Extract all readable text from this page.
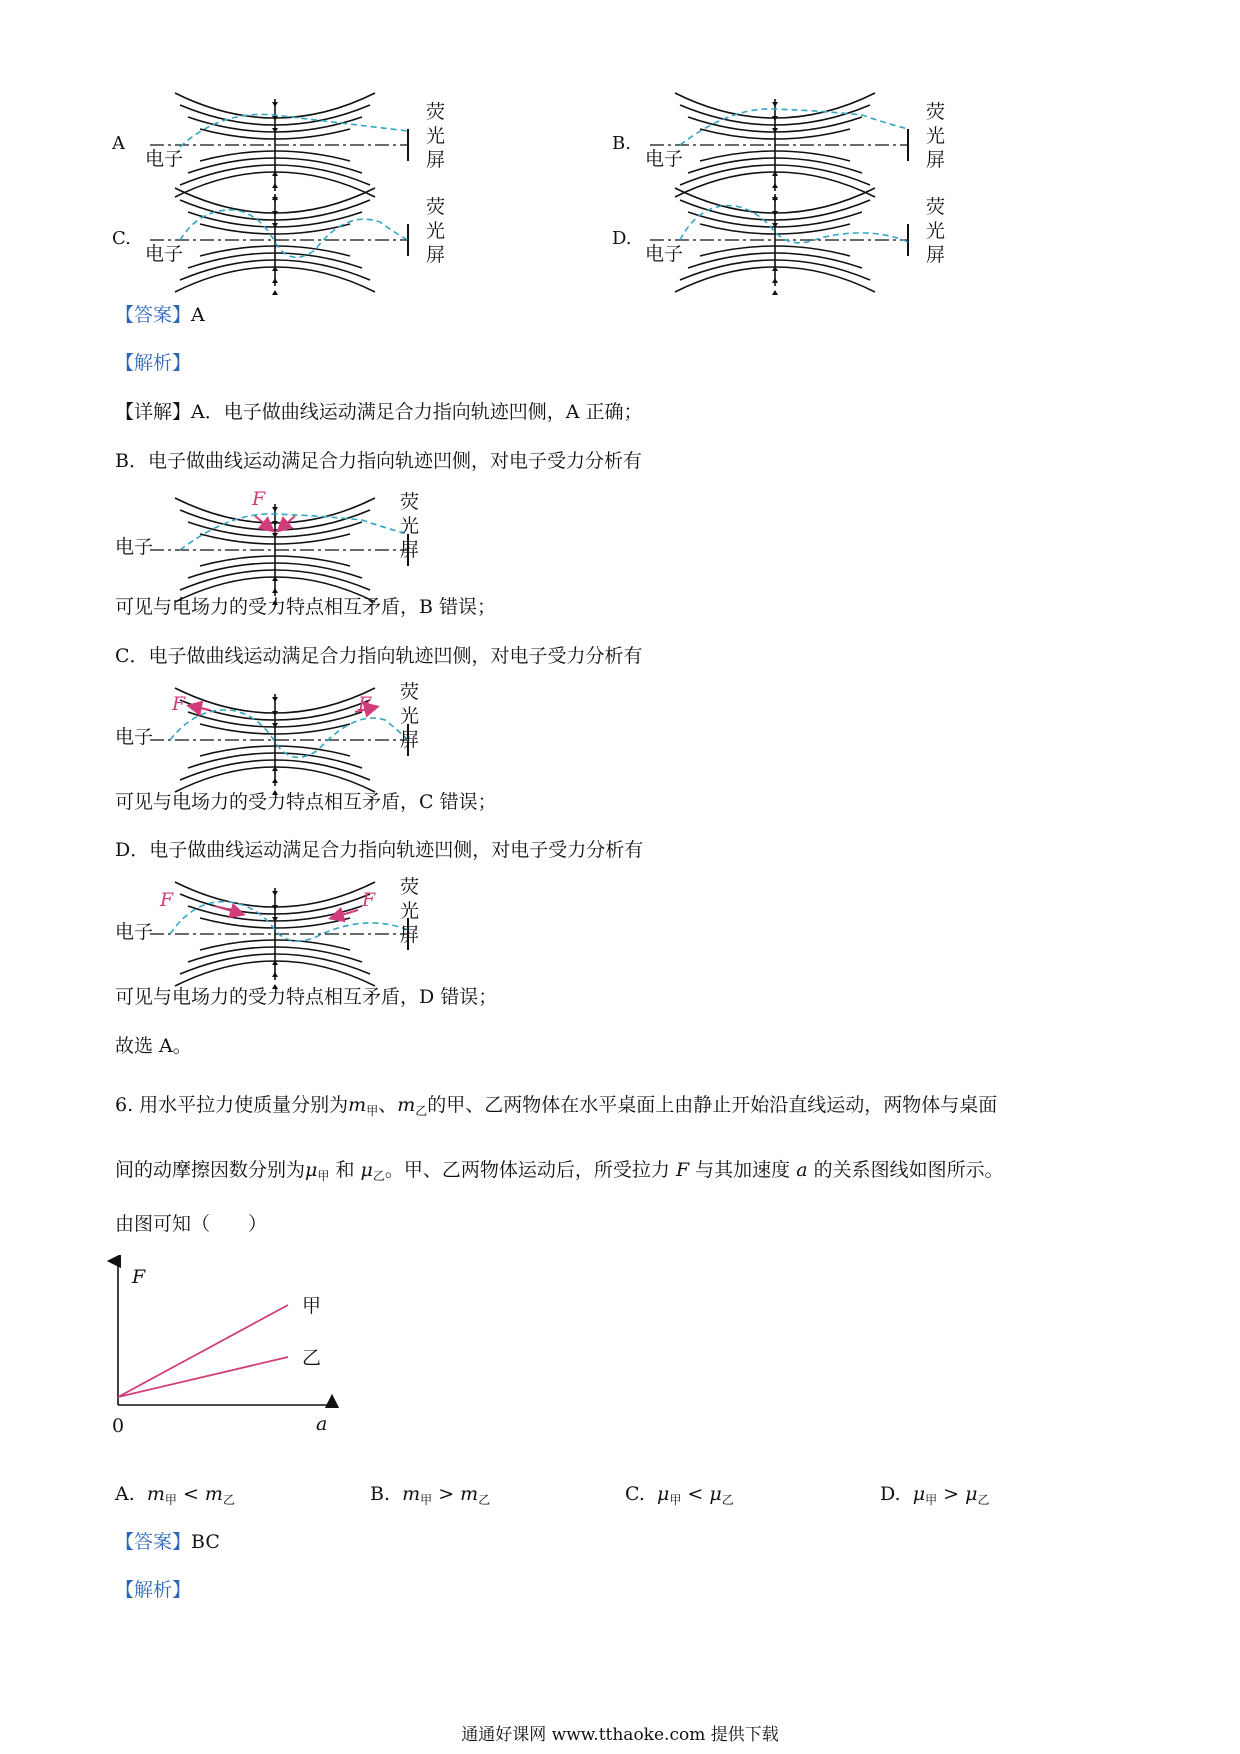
A
电子
荧
光
屏
B.
电子
荧
光
屏
C.
电子
荧
光
屏
D.
电子
荧
光
屏
【答案】A
【解析】
【详解】A．电子做曲线运动满足合力指向轨迹凹侧，A 正确；
B．电子做曲线运动满足合力指向轨迹凹侧，对电子受力分析有
F
电子
荧
光
屏
可见与电场力的受力特点相互矛盾，B 错误；
C．电子做曲线运动满足合力指向轨迹凹侧，对电子受力分析有
F	F
电子
荧
光
屏
可见与电场力的受力特点相互矛盾，C 错误；
D．电子做曲线运动满足合力指向轨迹凹侧，对电子受力分析有
F	F
电子
荧
光
屏
可见与电场力的受力特点相互矛盾，D 错误；
故选 A。
6. 用水平拉力使质量分别为$m_甲$、$m_乙$的甲、乙两物体在水平桌面上由静止开始沿直线运动，两物体与桌面
间的动摩擦因数分别为$\mu_甲$ 和 $\mu_乙$。甲、乙两物体运动后，所受拉力 F 与其加速度 a 的关系图线如图所示。
由图可知（　　）
F
a
0
甲
乙
A. $m_甲 < m_乙$	B. $m_甲 > m_乙$	C. $\mu_甲 < \mu_乙$	D. $\mu_甲 > \mu_乙$
【答案】BC
【解析】
通通好课网 www.tthaoke.com 提供下载
